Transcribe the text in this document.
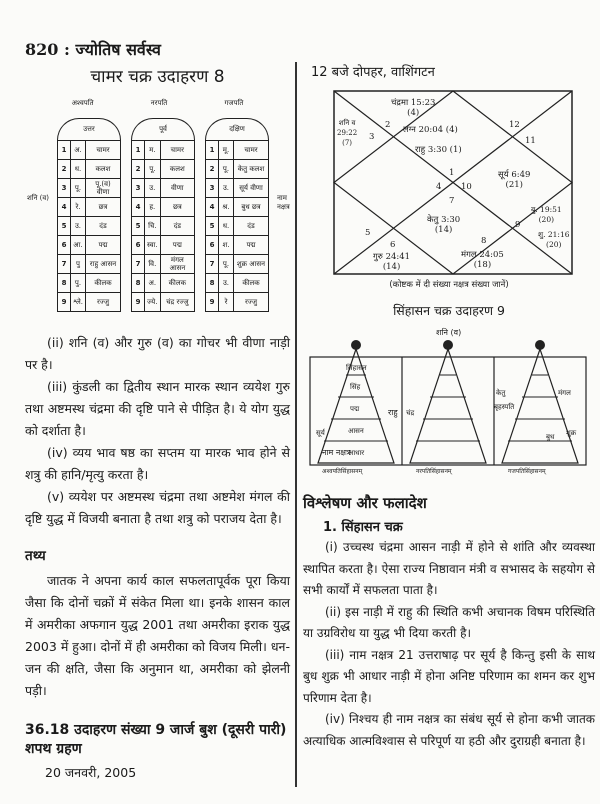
820 : ज्योतिष सर्वस्व
चामर चक्र उदाहरण 8
अश्वपति	नरपति	गजपति
शनि (व)	नाम नक्षत्र
उत्तर
1	अ.	चामर
2	ध.	कलश
3	पू.	पू.(व) वीणा
4	रे.	छत्र
5	उ.	दंड
6	आ.	पद्म
7	पु	राहु आसन
8	पु.	कीलक
9	श्ले.	रज्जु
पूर्व
1	म.	चामर
2	पू.	कलश
3	उ.	वीणा
4	ह.	छत्र
5	चि.	दंड
6	स्वा.	पद्म
7	वि.	मंगल आसन
8	अ.	कीलक
9	ज्ये.	चंद्र रज्जु
दक्षिण
1	मू.	चामर
2	पू.	केतु कलश
3	उ.	सूर्य वीणा
4	श्र.	बुध छत्र
5	ध.	दंड
6	श.	पद्म
7	पू.	शुक्र आसन
8	उ.	कीलक
9	रे	रज्जु

(ii) शनि (व) और गुरु (व) का गोचर भी वीणा नाड़ी पर है।

(iii) कुंडली का द्वितीय स्थान मारक स्थान व्ययेश गुरु तथा अष्टमस्थ चंद्रमा की दृष्टि पाने से पीड़ित है। ये योग युद्ध को दर्शाता है।

(iv) व्यय भाव षष्ठ का सप्तम या मारक भाव होने से शत्रु की हानि/मृत्यु करता है।

(v) व्ययेश पर अष्टमस्थ चंद्रमा तथा अष्टमेश मंगल की दृष्टि युद्ध में विजयी बनाता है तथा शत्रु को पराजय देता है।

तथ्य

जातक ने अपना कार्य काल सफलतापूर्वक पूरा किया जैसा कि दोनों चक्रों में संकेत मिला था। इनके शासन काल में अमरीका अफगान युद्ध 2001 तथा अमरीका इराक युद्ध 2003 में हुआ। दोनों में ही अमरीका को विजय मिली। धन-जन की क्षति, जैसा कि अनुमान था, अमरीका को झेलनी पड़ी।

36.18 उदाहरण संख्या 9 जार्ज बुश (दूसरी पारी) शपथ ग्रहण
20 जनवरी, 2005
12 बजे दोपहर, वाशिंगटन
चंद्रमा 15:23
(4)
शनि व
29:22
(7)
2
3
लग्न 20:04 (4)
राहु 3:30 (1)
12
11
1
4 10
7
सूर्य 6:49
(21)
केतु 3:30
(14)
बु. 19:51
(20)
9
शु. 21:16
(20)
5
6
गुरु 24:41
(14)
8
मंगल 24:05
(18)
(कोष्टक में दी संख्या नक्षत्र संख्या जानें)
सिंहासन चक्र उदाहरण 9
शनि (व)
सिंहासन
सिंह
पद्म
आसन
आधार
नाम नक्षत्र
राहु
सूर्य
चंद्र
केतु	मंगल
बृहस्पति
बुध शुक्र
अश्वपतिसिंहासनम्	नरपतिसिंहासनम्	गजपतिसिंहासनम्
विश्लेषण और फलादेश
1. सिंहासन चक्र

(i) उच्चस्थ चंद्रमा आसन नाड़ी में होने से शांति और व्यवस्था स्थापित करता है। ऐसा राज्य निष्ठावान मंत्री व सभासद के सहयोग से सभी कार्यों में सफलता पाता है।

(ii) इस नाड़ी में राहु की स्थिति कभी अचानक विषम परिस्थिति या उग्रविरोध या युद्ध भी दिया करती है।

(iii) नाम नक्षत्र 21 उत्तराषाढ़ पर सूर्य है किन्तु इसी के साथ बुध शुक्र भी आधार नाड़ी में होना अनिष्ट परिणाम का शमन कर शुभ परिणाम देता है।

(iv) निश्चय ही नाम नक्षत्र का संबंध सूर्य से होना कभी जातक अत्याधिक आत्मविश्वास से परिपूर्ण या हठी और दुराग्रही बनाता है।
